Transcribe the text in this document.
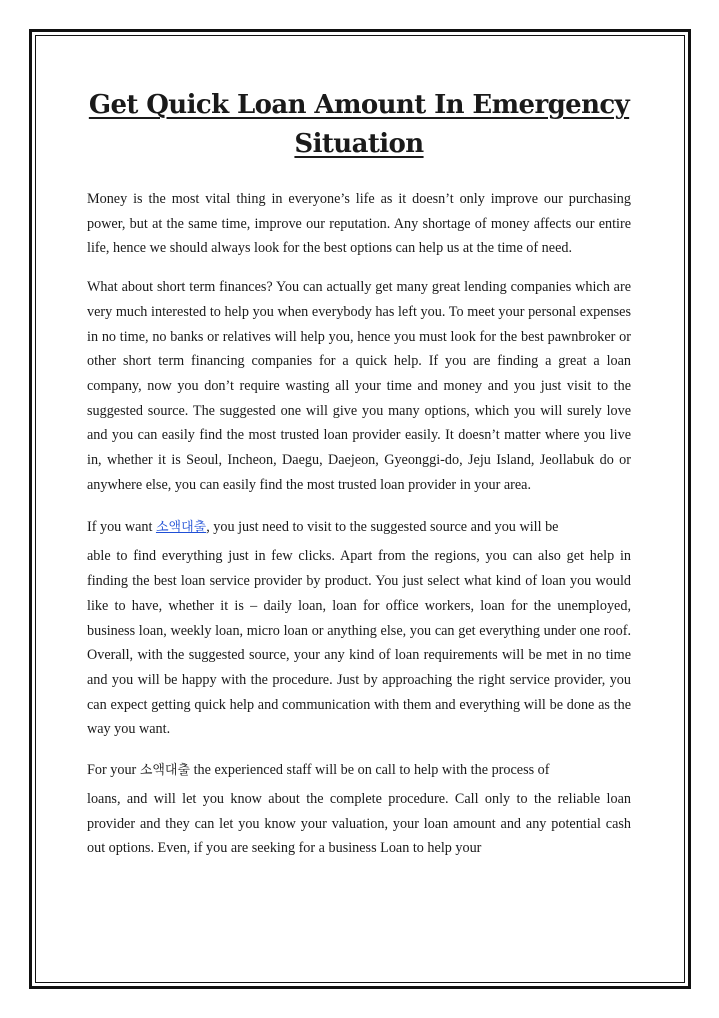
Get Quick Loan Amount In Emergency Situation

Money is the most vital thing in everyone’s life as it doesn’t only improve our purchasing power, but at the same time, improve our reputation. Any shortage of money affects our entire life, hence we should always look for the best options can help us at the time of need.

What about short term finances? You can actually get many great lending companies which are very much interested to help you when everybody has left you. To meet your personal expenses in no time, no banks or relatives will help you, hence you must look for the best pawnbroker or other short term financing companies for a quick help. If you are finding a great a loan company, now you don’t require wasting all your time and money and you just visit to the suggested source. The suggested one will give you many options, which you will surely love and you can easily find the most trusted loan provider easily. It doesn’t matter where you live in, whether it is Seoul, Incheon, Daegu, Daejeon, Gyeonggi-do, Jeju Island, Jeollabuk do or anywhere else, you can easily find the most trusted loan provider in your area.

If you want 소액대출, you just need to visit to the suggested source and you will be
able to find everything just in few clicks. Apart from the regions, you can also get help in finding the best loan service provider by product. You just select what kind of loan you would like to have, whether it is – daily loan, loan for office workers, loan for the unemployed, business loan, weekly loan, micro loan or anything else, you can get everything under one roof. Overall, with the suggested source, your any kind of loan requirements will be met in no time and you will be happy with the procedure. Just by approaching the right service provider, you can expect getting quick help and communication with them and everything will be done as the way you want.

For your 소액대출 the experienced staff will be on call to help with the process of
loans, and will let you know about the complete procedure. Call only to the reliable loan provider and they can let you know your valuation, your loan amount and any potential cash out options. Even, if you are seeking for a business Loan to help your
